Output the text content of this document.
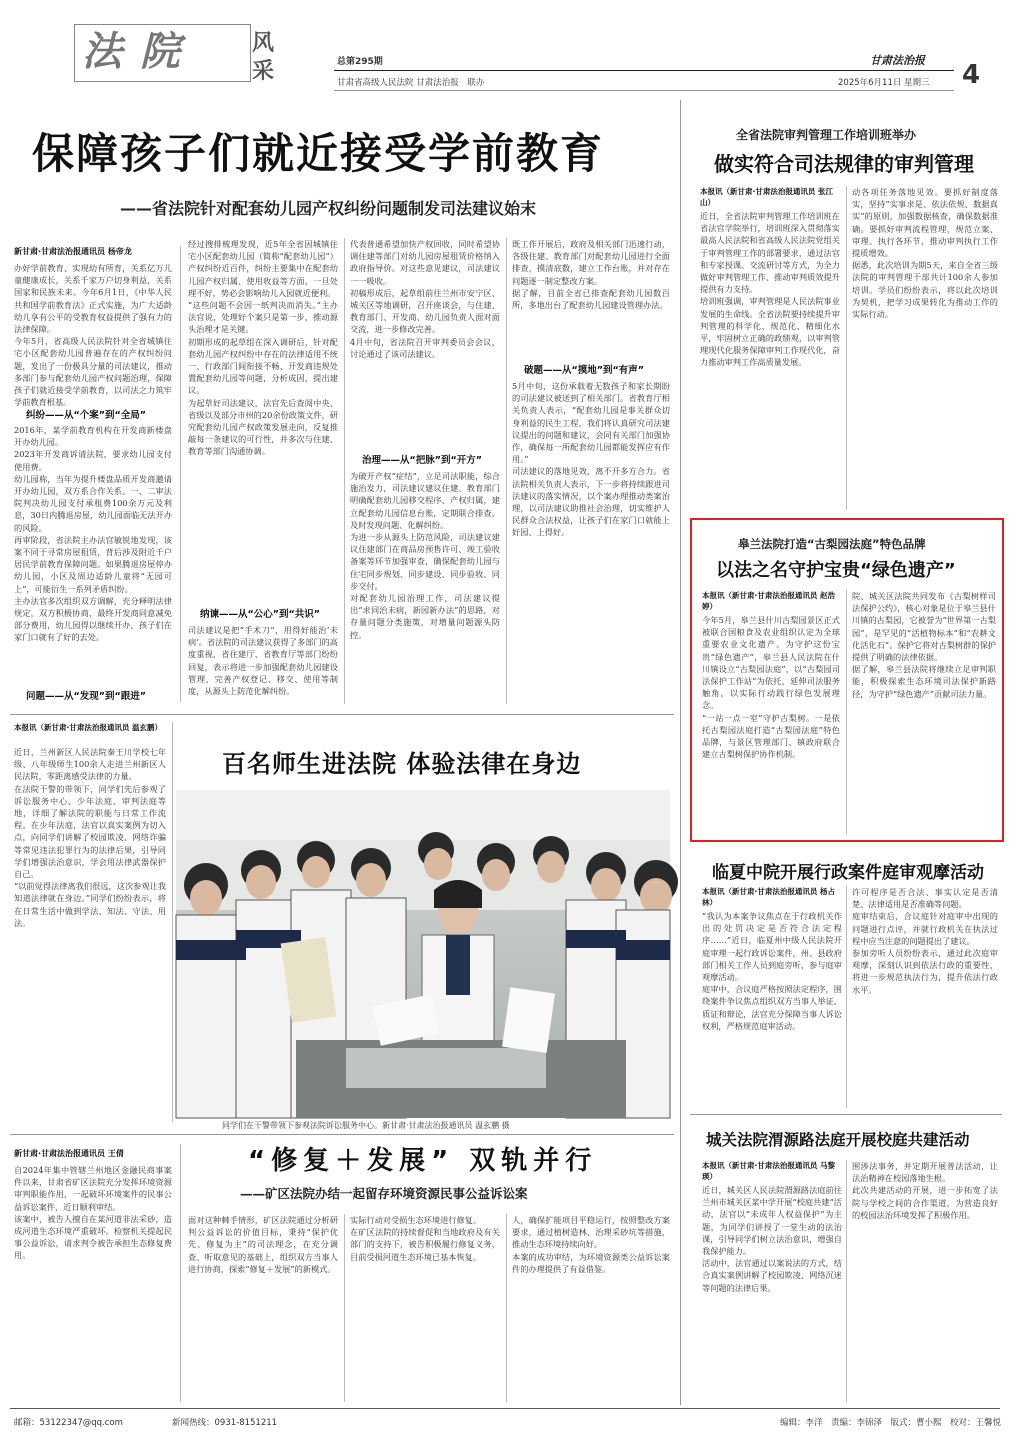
法院 风
采	总第295期
甘肃省高级人民法院 甘肃法治报　联办
甘肃法治报
2025年6月11日 星期三 4
保障孩子们就近接受学前教育
——省法院针对配套幼儿园产权纠纷问题制发司法建议始末
新甘肃·甘肃法治报通讯员 杨帝龙
办好学前教育、实现幼有所育，关系亿万儿童健康成长，关系千家万户切身利益，关系国家和民族未来。今年6月1日，《中华人民共和国学前教育法》正式实施，为广大适龄幼儿享有公平的受教育权益提供了强有力的法律保障。
今年5月，省高级人民法院针对全省城镇住宅小区配套幼儿园普遍存在的产权纠纷问题，发出了一份极具分量的司法建议，推动多部门参与配套幼儿园产权问题治理，保障孩子们就近接受学前教育，以司法之力筑牢学前教育根基。
纠纷——从“个案”到“全局”
2016年，某学前教育机构在开发商新楼盘开办幼儿园。
2023年开发商诉请法院，要求幼儿园支付使用费。
幼儿园称，当年为提升楼盘品质开发商邀请开办幼儿园，双方系合作关系。一、二审法院判决幼儿园支付承租费100余万元及利息，30日内腾退房屋，幼儿园面临无法开办的风险。
再审阶段，省法院主办法官敏锐地发现，该案不同于寻常房屋租赁，背后涉及附近千户居民学前教育保障问题。如果腾退房屋停办幼儿园，小区及周边适龄儿童将“无园可上”，可能衍生一系列矛盾纠纷。
主办法官多次组织双方调解，充分释明法律规定，双方积极协商，最终开发商同意减免部分费用，幼儿园得以继续开办，孩子们在家门口就有了好的去处。
问题——从“发现”到“跟进”
经过搜排梳理发现，近5年全省因城镇住宅小区配套幼儿园（简称“配套幼儿园”）产权纠纷近百件，纠纷主要集中在配套幼儿园产权归属、使用收益等方面，一旦处理不好，势必会影响幼儿入园就近便利。
“这些问题不会因一纸判决而消失。”主办法官说，处理好个案只是第一步，推动源头治理才是关键。
初期形成的起草组在深入调研后，针对配套幼儿园产权纠纷中存在的法律适用不统一、行政部门间衔接不畅、开发商违规处置配套幼儿园等问题，分析成因，提出建议。
为起草好司法建议，法官先后查阅中央、省级以及部分市州的20余份政策文件，研究配套幼儿园产权政策发展走向，反复推敲每一条建议的可行性，并多次与住建、教育等部门沟通协调。
纳谏——从“公心”到“共识”
司法建议是把“手术刀”，用得好能治‘未病’。省法院的司法建议获得了多部门的高度重视，省住建厅、省教育厅等部门纷纷回复，表示将进一步加强配套幼儿园建设管理，完善产权登记、移交、使用等制度，从源头上防范化解纠纷。
代表普通希望加快产权回收，同时希望协调住建等部门对幼儿园房屋租赁价格纳入政府指导价。对这些意见建议，司法建议一一吸收。
初稿形成后，起草组前往兰州市安宁区、城关区等地调研，召开座谈会，与住建、教育部门、开发商、幼儿园负责人面对面交流，进一步修改完善。
4月中旬，省法院召开审判委员会会议，讨论通过了该司法建议。
治理——从“把脉”到“开方”
为破开产权“症结”，立足司法职能，综合施治发力，司法建议建议住建、教育部门明确配套幼儿园移交程序、产权归属，建立配套幼儿园信息台账，定期联合排查，及时发现问题、化解纠纷。
为进一步从源头上防范风险，司法建议建议住建部门在商品房预售许可、竣工验收备案等环节加强审查，确保配套幼儿园与住宅同步规划、同步建设、同步验收、同步交付。
对配套幼儿园治理工作，司法建议提出“求同治未病，新园新办法”的思路，对存量问题分类施策，对增量问题源头防控。
既工作开展后，政府及相关部门迅速行动，各级住建、教育部门对配套幼儿园进行全面排查，摸清底数，建立工作台账，并对存在问题逐一制定整改方案。
据了解，目前全省已排查配套幼儿园数百所，多地出台了配套幼儿园建设管理办法。
破题——从“摸地”到“有声”
5月中旬，这份承载着无数孩子和家长期盼的司法建议被送到了相关部门。省教育厅相关负责人表示，“配套幼儿园是事关群众切身利益的民生工程，我们将认真研究司法建议提出的问题和建议，会同有关部门加强协作，确保每一所配套幼儿园都能发挥应有作用。”
司法建议的落地见效，离不开多方合力。省法院相关负责人表示，下一步将持续跟进司法建议的落实情况，以个案办理推动类案治理，以司法建议助推社会治理，切实维护人民群众合法权益，让孩子们在家门口就能上好园、上得好。
全省法院审判管理工作培训班举办
做实符合司法规律的审判管理
本报讯（新甘肃·甘肃法治报通讯员 张江山）
近日，全省法院审判管理工作培训班在省法官学院举行，培训班深入贯彻落实最高人民法院和省高级人民法院党组关于审判管理工作的部署要求，通过法官和专家授课、交流研讨等方式，为全力做好审判管理工作、推动审判质效提升提供有力支持。
培训班强调，审判管理是人民法院事业发展的生命线。全省法院要持续提升审判管理的科学化、规范化、精细化水平，牢固树立正确的政绩观，以审判管理现代化服务保障审判工作现代化，奋力推动审判工作高质量发展。
动各项任务落地见效。要抓好制度落实，坚持“实事求是、依法依规、数据真实”的原则，加强数据核查，确保数据准确。要抓好审判流程管理，规范立案、审理、执行各环节，推动审判执行工作提质增效。
据悉，此次培训为期5天，来自全省三级法院的审判管理干部共计100余人参加培训。学员们纷纷表示，将以此次培训为契机，把学习成果转化为推动工作的实际行动。
皋兰法院打造“古梨园法庭”特色品牌
以法之名守护宝贵“绿色遗产”
本报讯（新甘肃·甘肃法治报通讯员 赵浩婷）
今年5月，皋兰县什川古梨园景区正式被联合国粮食及农业组织认定为全球重要农业文化遗产。为守护这份宝贵“绿色遗产”，皋兰县人民法院在什川镇设立“古梨园法庭”，以“古梨园司法保护工作站”为依托，延伸司法服务触角，以实际行动践行绿色发展理念。
“一站一点一室”守护古梨树。一是依托古梨园法庭打造“古梨园法庭”特色品牌，与景区管理部门、镇政府联合建立古梨树保护协作机制。
院、城关区法院共同发布《古梨树样司法保护公约》，核心对象是位于皋兰县什川镇的古梨园，它被誉为“世界第一古梨园”，是罕见的“活植物标本”和“农耕文化活化石”。保护它将对古梨树群的保护提供了明确的法律依据。
据了解，皋兰县法院将继续立足审判职能，积极探索生态环境司法保护新路径，为守护“绿色遗产”贡献司法力量。
百名师生进法院 体验法律在身边
本报讯（新甘肃·甘肃法治报通讯员 温玄鹏）
近日，兰州新区人民法院秦王川学校七年级、八年级师生100余人走进兰州新区人民法院，零距离感受法律的力量。
在法院干警的带领下，同学们先后参观了诉讼服务中心、少年法庭、审判法庭等地，详细了解法院的职能与日常工作流程。在少年法庭，法官以真实案例为切入点，向同学们讲解了校园欺凌、网络诈骗等常见违法犯罪行为的法律后果，引导同学们增强法治意识，学会用法律武器保护自己。
“以前觉得法律离我们很远，这次参观让我知道法律就在身边。”同学们纷纷表示，将在日常生活中做到学法、知法、守法、用法。
同学们在干警带领下参观法院诉讼服务中心。新甘肃·甘肃法治报通讯员 温玄鹏 摄
临夏中院开展行政案件庭审观摩活动
本报讯（新甘肃·甘肃法治报通讯员 杨占林）
“我认为本案争议焦点在于行政机关作出的处罚决定是否符合法定程序……”近日，临夏州中级人民法院开庭审理一起行政诉讼案件，州、县政府部门相关工作人员到庭旁听，参与庭审观摩活动。
庭审中，合议庭严格按照法定程序，围绕案件争议焦点组织双方当事人举证、质证和辩论，法官充分保障当事人诉讼权利，严格规范庭审活动。
许可程序是否合法、事实认定是否清楚、法律适用是否准确等问题。
庭审结束后，合议庭针对庭审中出现的问题进行点评，并就行政机关在执法过程中应当注意的问题提出了建议。
参加旁听人员纷纷表示，通过此次庭审观摩，深刻认识到依法行政的重要性，将进一步规范执法行为，提升依法行政水平。
新甘肃·甘肃法治报通讯员 王倩
自2024年集中管辖兰州地区金融民商事案件以来，甘肃省矿区法院充分发挥环境资源审判职能作用，一起破坏环境案件的民事公益诉讼案件，近日顺利审结。
该案中，被告人擅自在某河道非法采砂，造成河道生态环境严重破坏。检察机关提起民事公益诉讼，请求判令被告承担生态修复费用。
“修复＋发展” 双轨并行
——矿区法院办结一起留存环境资源民事公益诉讼案
面对这种棘手情形，矿区法院通过分析研判公益诉讼的价值目标，秉持“保护优先、修复为主”的司法理念，在充分调查、听取意见的基础上，组织双方当事人进行协商，探索“修复＋发展”的新模式。
实际行动对受损生态环境进行修复。
在矿区法院的持续督促和当地政府及有关部门的支持下，被告积极履行修复义务，目前受损河道生态环境已基本恢复。
人，确保扩能项目平稳运行，按照整改方案要求，通过植树造林、治理采砂坑等措施，推动生态环境持续向好。
本案的成功审结，为环境资源类公益诉讼案件的办理提供了有益借鉴。
城关法院渭源路法庭开展校庭共建活动
本报讯（新甘肃·甘肃法治报通讯员 马黎瑛）
近日，城关区人民法院渭源路法庭前往兰州市城关区某中学开展“校庭共建”活动，法官以“未成年人权益保护”为主题，为同学们讲授了一堂生动的法治课，引导同学们树立法治意识，增强自我保护能力。
活动中，法官通过以案说法的方式，结合真实案例讲解了校园欺凌、网络沉迷等问题的法律后果。
围涉法事务，并定期开展普法活动，让法治精神在校园落地生根。
此次共建活动的开展，进一步拓宽了法院与学校之间的合作渠道，为营造良好的校园法治环境发挥了积极作用。
邮箱：53122347@qq.com	新闻热线：0931-8151211	编辑：李洋　责编：李锦泽　版式：曹小熙　校对：王馨悦
